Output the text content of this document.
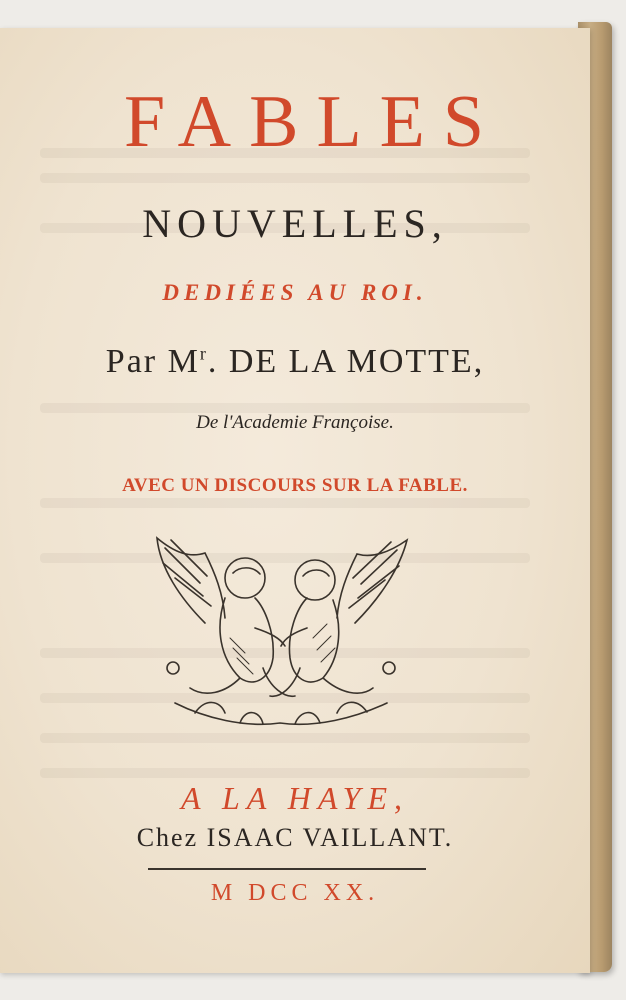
FABLES
NOUVELLES,
DEDIÉES AU ROI.
Par $M^r$. DE LA MOTTE,
De l'Academie Françoise.
AVEC UN DISCOURS SUR LA FABLE.
A LA HAYE,
Chez ISAAC VAILLANT.
M DCC XX.
